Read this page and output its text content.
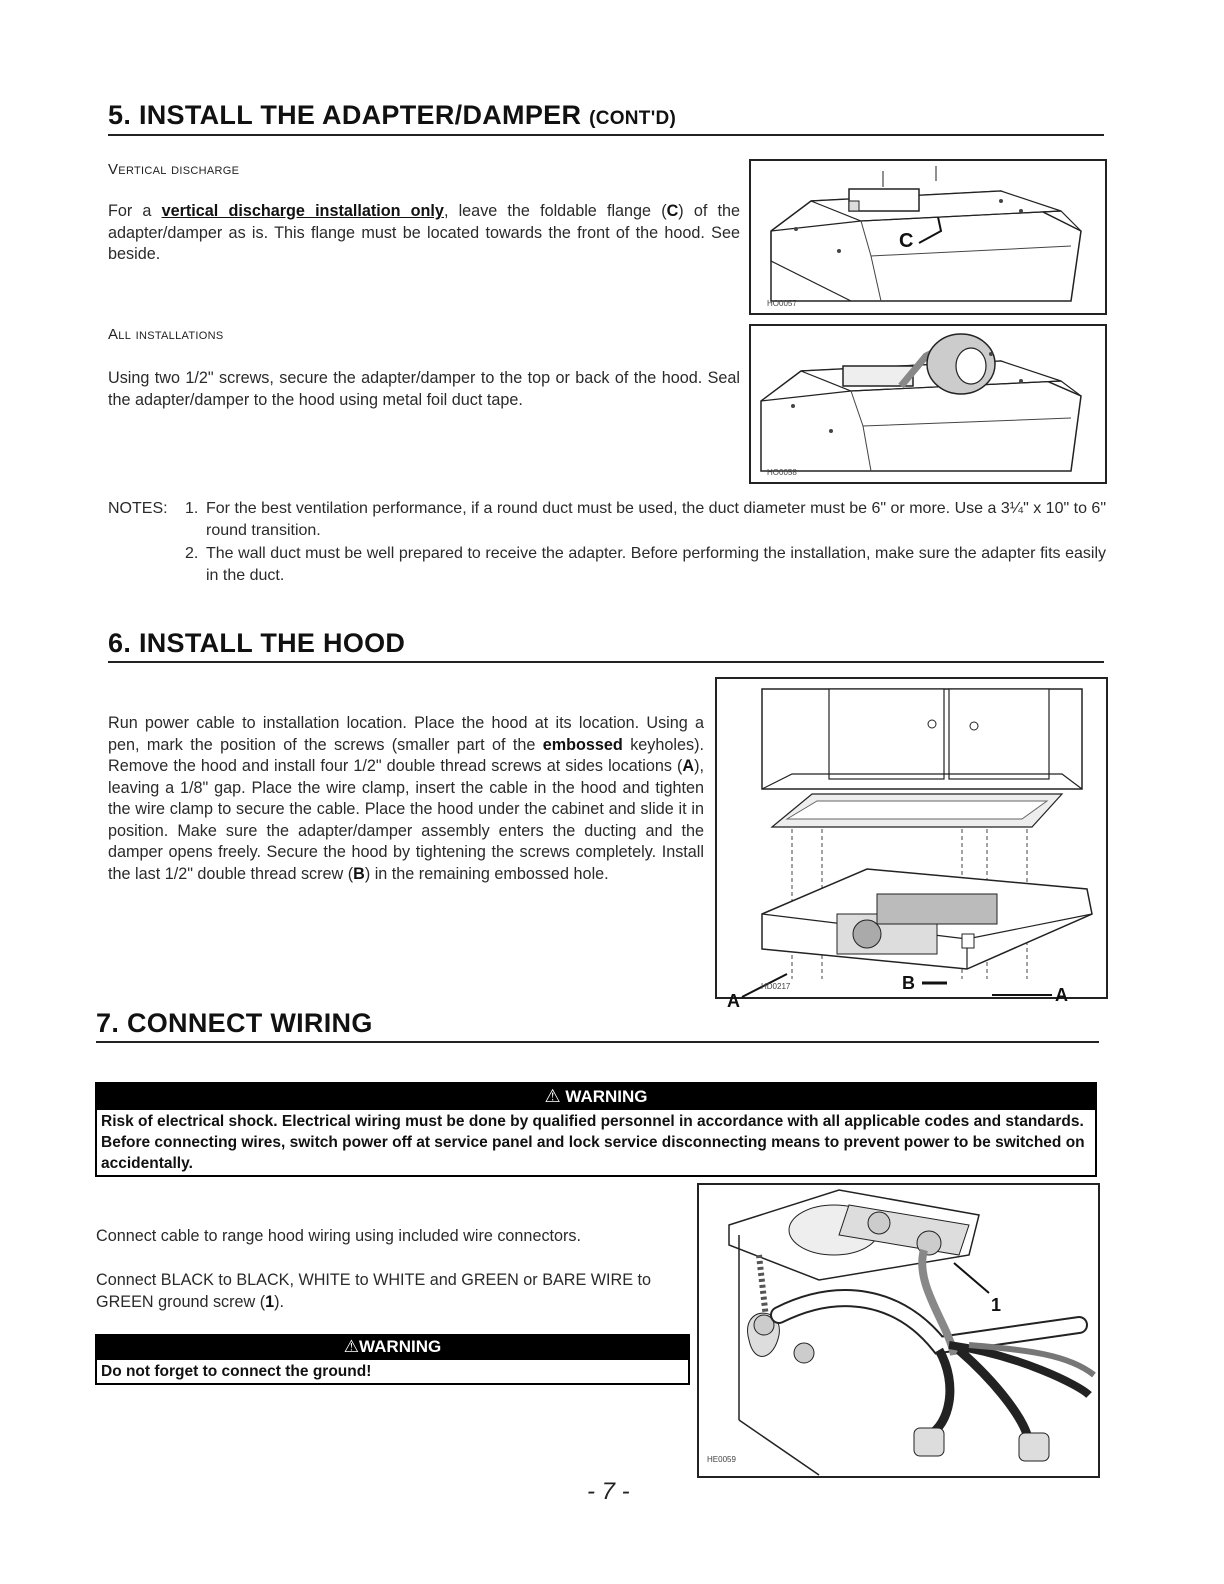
5. INSTALL THE ADAPTER/DAMPER (CONT'D)
Vertical discharge
For a vertical discharge installation only, leave the foldable flange (C) of the adapter/damper as is. This flange must be located towards the front of the hood. See beside.
All installations
Using two 1/2" screws, secure the adapter/damper to the top or back of the hood. Seal the adapter/damper to the hood using metal foil duct tape.
C
HO0057
HO0058
NOTES: 1. For the best ventilation performance, if a round duct must be used, the duct diameter must be 6" or more. Use a 3¼" x 10" to 6" round transition.
2. The wall duct must be well prepared to receive the adapter. Before performing the installation, make sure the adapter fits easily in the duct.
6. INSTALL THE HOOD
Run power cable to installation location. Place the hood at its location. Using a pen, mark the position of the screws (smaller part of the embossed keyholes). Remove the hood and install four 1/2" double thread screws at sides locations (A), leaving a 1/8" gap. Place the wire clamp, insert the cable in the hood and tighten the wire clamp to secure the cable. Place the hood under the cabinet and slide it in position. Make sure the adapter/damper assembly enters the ducting and the damper opens freely. Secure the hood by tightening the screws completely. Install the last 1/2" double thread screw (B) in the remaining embossed hole.
A
B
A
HD0217
7. CONNECT WIRING
⚠ WARNING
Risk of electrical shock. Electrical wiring must be done by qualified personnel in accordance with all applicable codes and standards. Before connecting wires, switch power off at service panel and lock service disconnecting means to prevent power to be switched on accidentally.
Connect cable to range hood wiring using included wire connectors.
Connect BLACK to BLACK, WHITE to WHITE and GREEN or BARE WIRE to GREEN ground screw (1).
⚠WARNING
Do not forget to connect the ground!
1
HE0059
- 7 -
